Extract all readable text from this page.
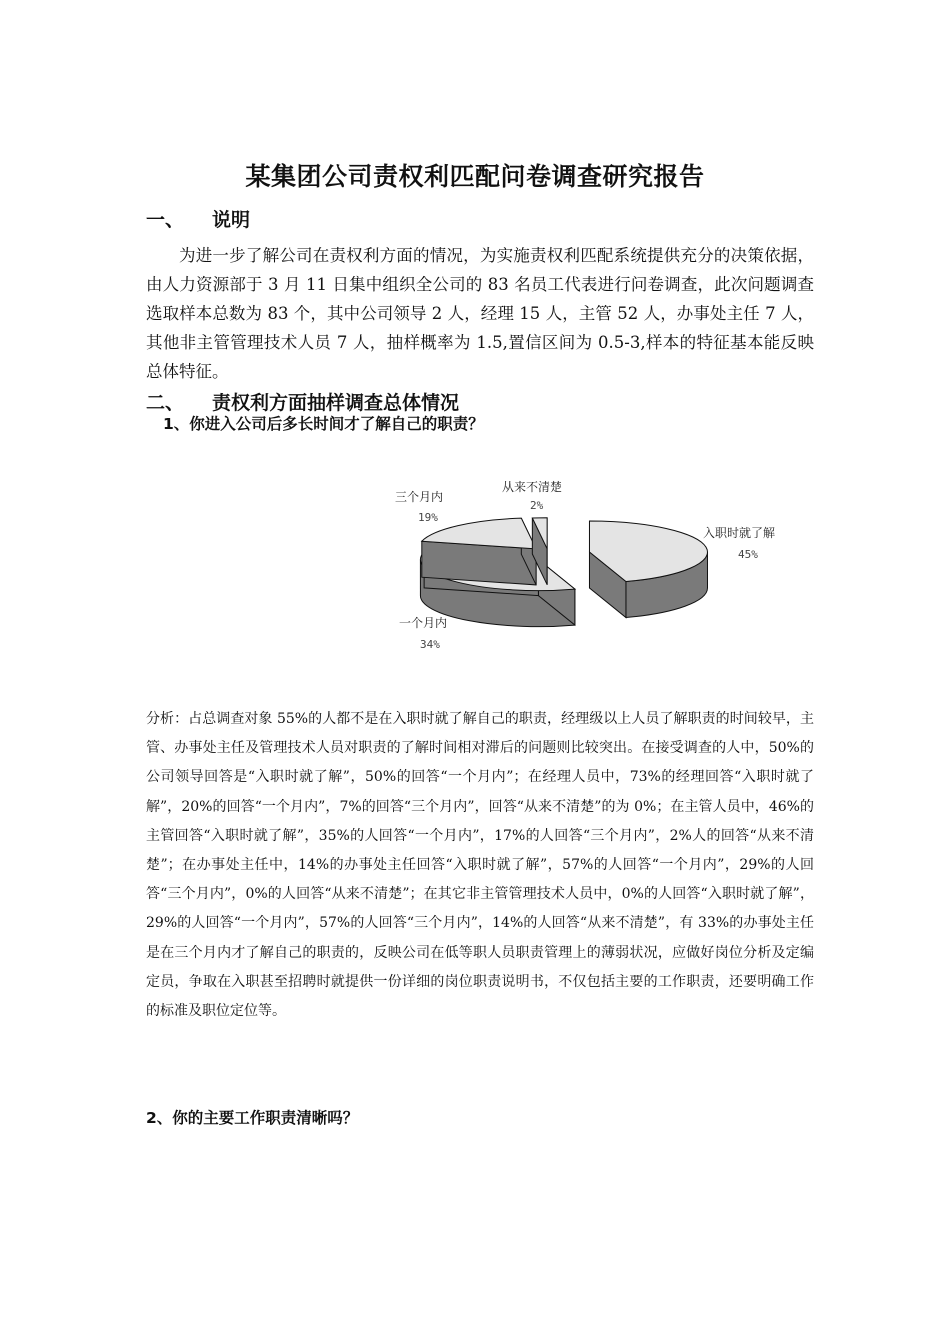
某集团公司责权利匹配问卷调查研究报告
一、 说明
为进一步了解公司在责权利方面的情况，为实施责权利匹配系统提供充分的决策依据，由人力资源部于 3 月 11 日集中组织全公司的 83 名员工代表进行问卷调查，此次问题调查选取样本总数为 83 个，其中公司领导 2 人，经理 15 人，主管 52 人，办事处主任 7 人，其他非主管管理技术人员 7 人，抽样概率为 1.5,置信区间为 0.5-3,样本的特征基本能反映总体特征。
二、 责权利方面抽样调查总体情况
1、你进入公司后多长时间才了解自己的职责？
三个月内
19%
从来不清楚
2%
入职时就了解
45%
一个月内
34%
分析：占总调查对象 55%的人都不是在入职时就了解自己的职责，经理级以上人员了解职责的时间较早，主管、办事处主任及管理技术人员对职责的了解时间相对滞后的问题则比较突出。在接受调查的人中，50%的公司领导回答是“入职时就了解”，50%的回答“一个月内”；在经理人员中，73%的经理回答“入职时就了解”，20%的回答“一个月内”，7%的回答“三个月内”，回答“从来不清楚”的为 0%；在主管人员中，46%的主管回答“入职时就了解”，35%的人回答“一个月内”，17%的人回答“三个月内”，2%人的回答“从来不清楚”；在办事处主任中，14%的办事处主任回答“入职时就了解”，57%的人回答“一个月内”，29%的人回答“三个月内”，0%的人回答“从来不清楚”；在其它非主管管理技术人员中，0%的人回答“入职时就了解”，29%的人回答“一个月内”，57%的人回答“三个月内”，14%的人回答“从来不清楚”，有 33%的办事处主任是在三个月内才了解自己的职责的，反映公司在低等职人员职责管理上的薄弱状况，应做好岗位分析及定编定员，争取在入职甚至招聘时就提供一份详细的岗位职责说明书，不仅包括主要的工作职责，还要明确工作的标准及职位定位等。
2、你的主要工作职责清晰吗？
